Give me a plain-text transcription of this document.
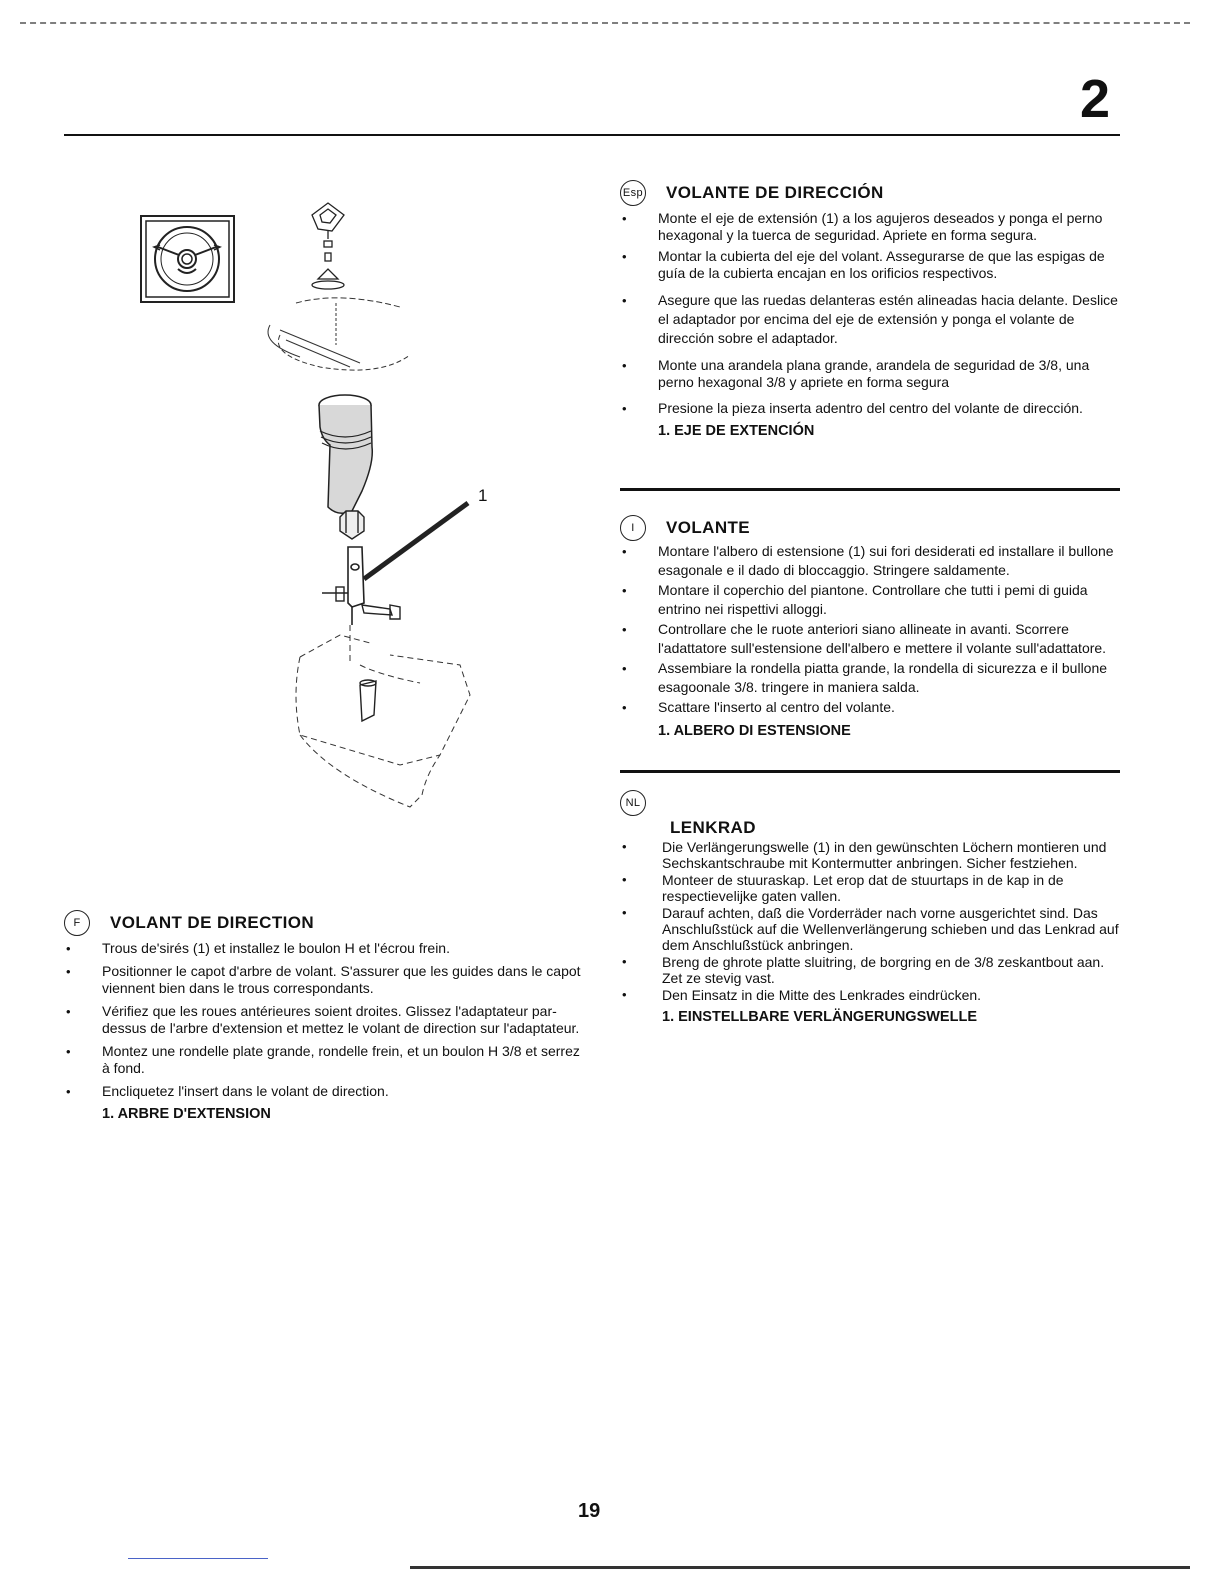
2
1
Esp VOLANTE DE DIRECCIÓN
• Monte el eje de extensión (1) a los agujeros deseados y ponga el perno hexagonal y la tuerca de seguridad. Apriete en forma segura.
• Montar la cubierta del eje del volant. Assegurarse de que las espigas de guía de la cubierta encajan en los orificios respectivos.
• Asegure que las ruedas delanteras estén alineadas hacia delante. Deslice el adaptador por encima del eje de extensión y ponga el volante de dirección sobre el adaptador.
• Monte una arandela plana grande, arandela de seguridad de 3/8, una perno hexagonal 3/8 y apriete en forma segura
• Presione la pieza inserta adentro del centro del volante de dirección.
1. EJE DE EXTENCIÓN
I	VOLANTE
• Montare l'albero di estensione (1) sui fori desiderati ed installare il bullone esagonale e il dado di bloccaggio. Stringere saldamente.
• Montare il coperchio del piantone. Controllare che tutti i pemi di guida entrino nei rispettivi alloggi.
• Controllare che le ruote anteriori siano allineate in avanti. Scorrere l'adattatore sull'estensione dell'albero e mettere il volante sull'adattatore.
• Assembiare la rondella piatta grande, la rondella di sicurezza e il bullone esagoonale 3/8. tringere in maniera salda.
• Scattare l'inserto al centro del volante.
1. ALBERO DI ESTENSIONE
NL
LENKRAD
• Die Verlängerungswelle (1) in den gewünschten Löchern montieren und Sechskantschraube mit Kontermutter anbringen. Sicher festziehen.
• Monteer de stuuraskap. Let erop dat de stuurtaps in de kap in de respectievelijke gaten vallen.
• Darauf achten, daß die Vorderräder nach vorne ausgerichtet sind. Das Anschlußstück auf die Wellenverlängerung schieben und das Lenkrad auf dem Anschlußstück anbringen.
• Breng de ghrote platte sluitring, de borgring en de 3/8 zeskantbout aan. Zet ze stevig vast.
• Den Einsatz in die Mitte des Lenkrades eindrücken.
1. EINSTELLBARE VERLÄNGERUNGSWELLE
F	VOLANT DE DIRECTION
• Trous de'sirés (1) et installez le boulon H et l'écrou frein.
• Positionner le capot d'arbre de volant. S'assurer que les guides dans le capot viennent bien dans le trous correspondants.
• Vérifiez que les roues antérieures soient droites. Glissez l'adaptateur par-dessus de l'arbre d'extension et mettez le volant de direction sur l'adaptateur.
• Montez une rondelle plate grande, rondelle frein, et un boulon H 3/8 et serrez à fond.
• Encliquetez l'insert dans le volant de direction.
1. ARBRE D'EXTENSION
19
